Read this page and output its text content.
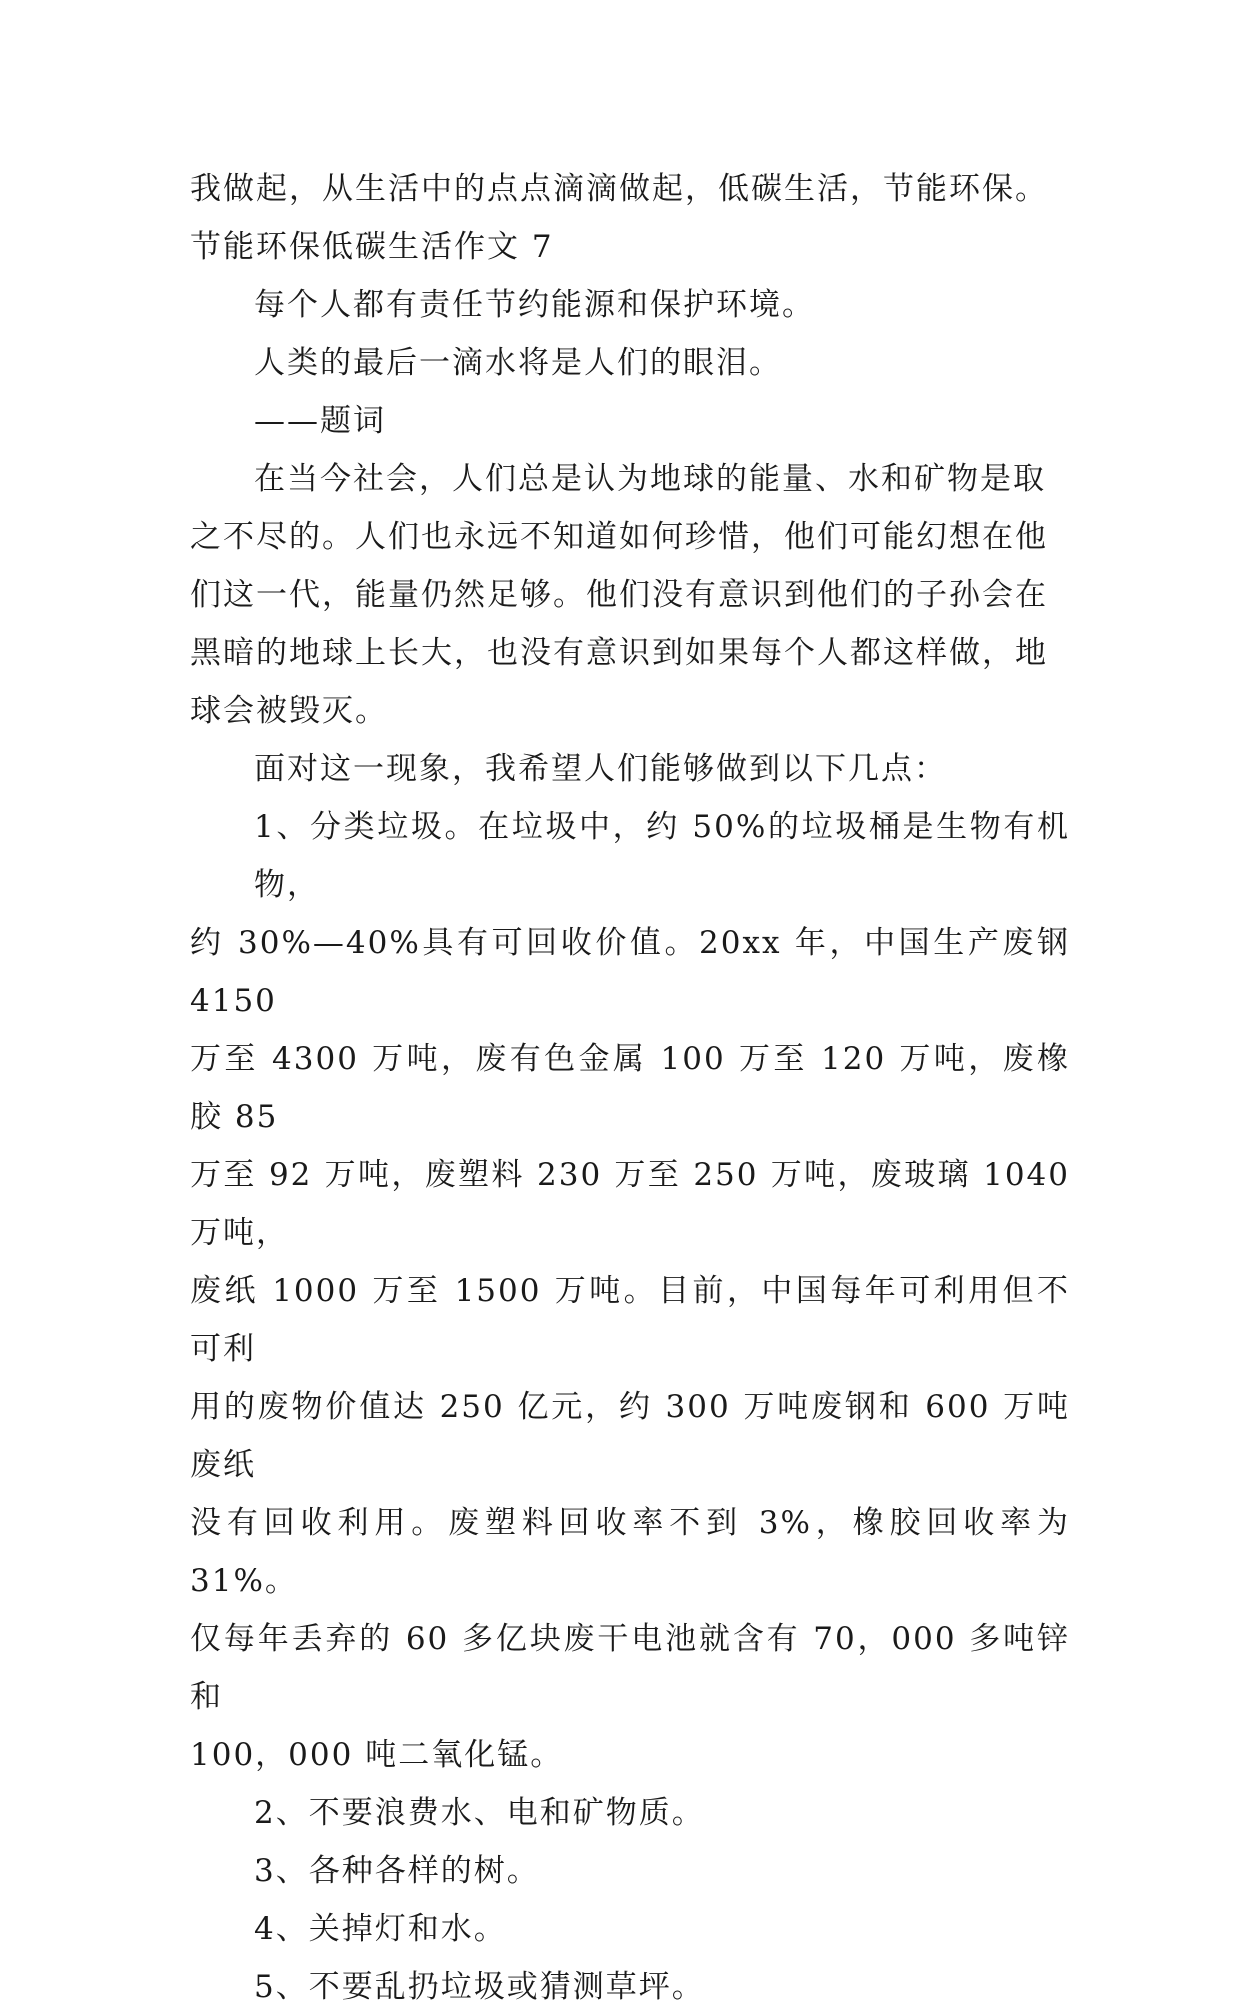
我做起，从生活中的点点滴滴做起，低碳生活，节能环保。

节能环保低碳生活作文 7

每个人都有责任节约能源和保护环境。

人类的最后一滴水将是人们的眼泪。

——题词

在当今社会，人们总是认为地球的能量、水和矿物是取
之不尽的。人们也永远不知道如何珍惜，他们可能幻想在他
们这一代，能量仍然足够。他们没有意识到他们的子孙会在
黑暗的地球上长大，也没有意识到如果每个人都这样做，地
球会被毁灭。

面对这一现象，我希望人们能够做到以下几点：

1、分类垃圾。在垃圾中，约 50%的垃圾桶是生物有机物，
约 30%—40%具有可回收价值。20xx 年，中国生产废钢 4150
万至 4300 万吨，废有色金属 100 万至 120 万吨，废橡胶 85
万至 92 万吨，废塑料 230 万至 250 万吨，废玻璃 1040 万吨，
废纸 1000 万至 1500 万吨。目前，中国每年可利用但不可利
用的废物价值达 250 亿元，约 300 万吨废钢和 600 万吨废纸
没有回收利用。废塑料回收率不到 3%，橡胶回收率为 31%。
仅每年丢弃的 60 多亿块废干电池就含有 70，000 多吨锌和
100，000 吨二氧化锰。

2、不要浪费水、电和矿物质。

3、各种各样的树。

4、关掉灯和水。

5、不要乱扔垃圾或猜测草坪。
